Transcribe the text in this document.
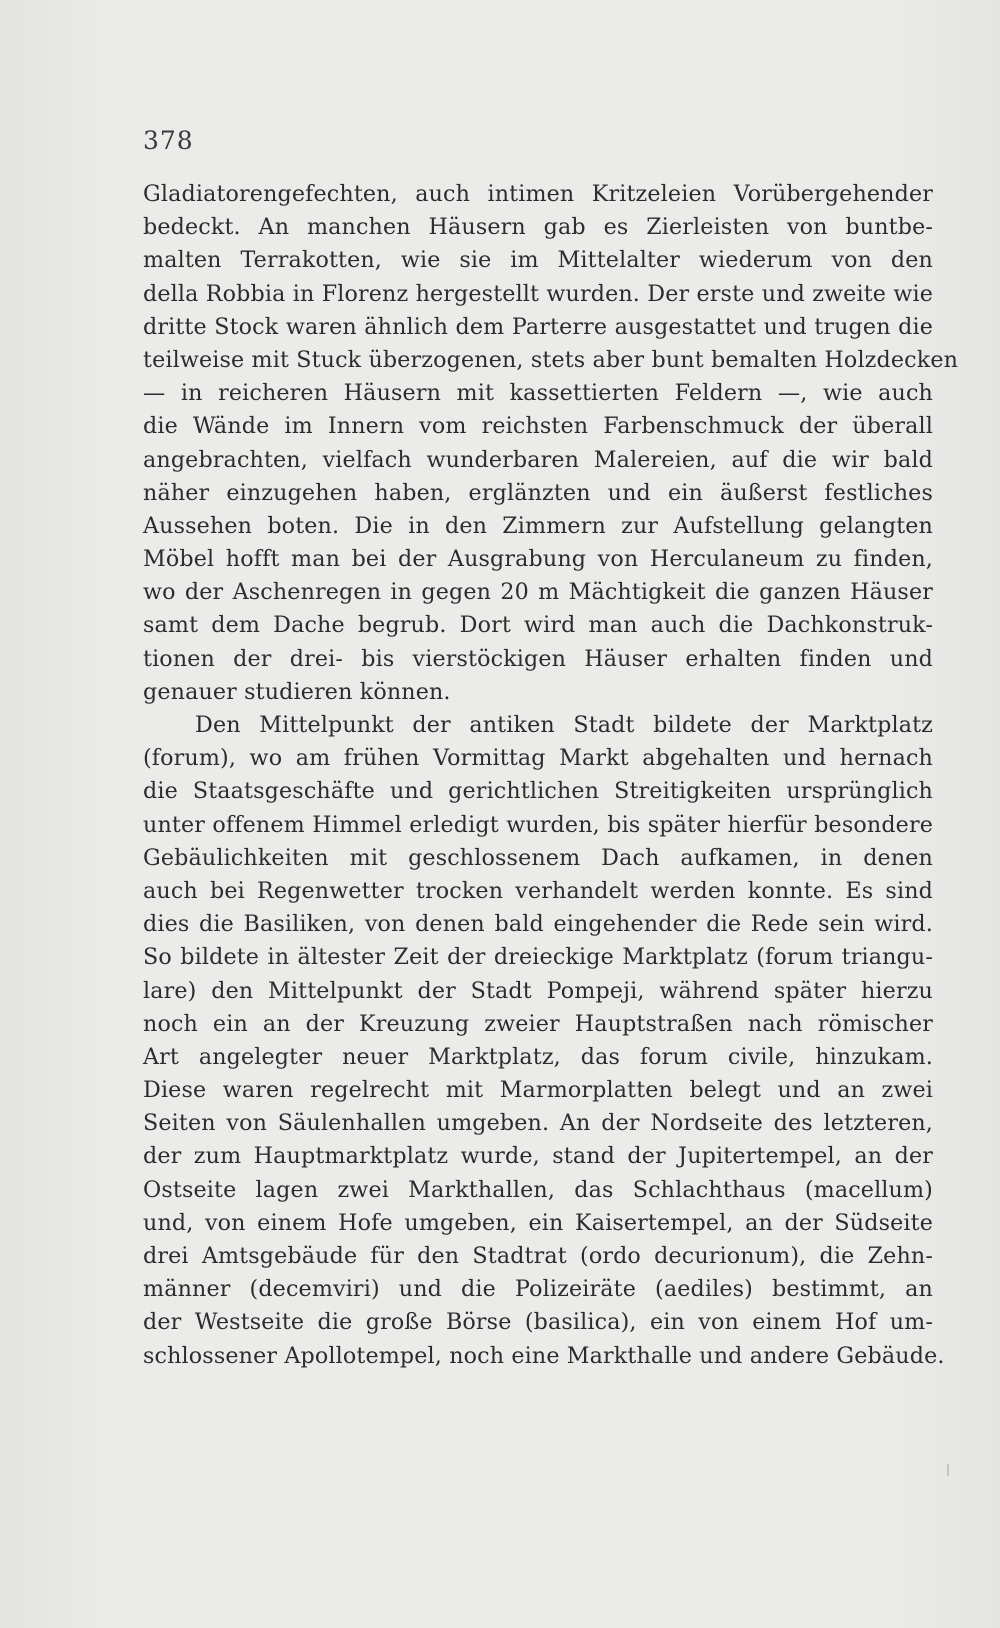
378
Gladiatorengefechten, auch intimen Kritzeleien Vorübergehender
bedeckt. An manchen Häusern gab es Zierleisten von buntbe-
malten Terrakotten, wie sie im Mittelalter wiederum von den
della Robbia in Florenz hergestellt wurden. Der erste und zweite wie
dritte Stock waren ähnlich dem Parterre ausgestattet und trugen die
teilweise mit Stuck überzogenen, stets aber bunt bemalten Holzdecken
— in reicheren Häusern mit kassettierten Feldern —, wie auch
die Wände im Innern vom reichsten Farbenschmuck der überall
angebrachten, vielfach wunderbaren Malereien, auf die wir bald
näher einzugehen haben, erglänzten und ein äußerst festliches
Aussehen boten. Die in den Zimmern zur Aufstellung gelangten
Möbel hofft man bei der Ausgrabung von Herculaneum zu finden,
wo der Aschenregen in gegen 20 m Mächtigkeit die ganzen Häuser
samt dem Dache begrub. Dort wird man auch die Dachkonstruk-
tionen der drei- bis vierstöckigen Häuser erhalten finden und
genauer studieren können.
Den Mittelpunkt der antiken Stadt bildete der Marktplatz
(forum), wo am frühen Vormittag Markt abgehalten und hernach
die Staatsgeschäfte und gerichtlichen Streitigkeiten ursprünglich
unter offenem Himmel erledigt wurden, bis später hierfür besondere
Gebäulichkeiten mit geschlossenem Dach aufkamen, in denen
auch bei Regenwetter trocken verhandelt werden konnte. Es sind
dies die Basiliken, von denen bald eingehender die Rede sein wird.
So bildete in ältester Zeit der dreieckige Marktplatz (forum triangu-
lare) den Mittelpunkt der Stadt Pompeji, während später hierzu
noch ein an der Kreuzung zweier Hauptstraßen nach römischer
Art angelegter neuer Marktplatz, das forum civile, hinzukam.
Diese waren regelrecht mit Marmorplatten belegt und an zwei
Seiten von Säulenhallen umgeben. An der Nordseite des letzteren,
der zum Hauptmarktplatz wurde, stand der Jupitertempel, an der
Ostseite lagen zwei Markthallen, das Schlachthaus (macellum)
und, von einem Hofe umgeben, ein Kaisertempel, an der Südseite
drei Amtsgebäude für den Stadtrat (ordo decurionum), die Zehn-
männer (decemviri) und die Polizeiräte (aediles) bestimmt, an
der Westseite die große Börse (basilica), ein von einem Hof um-
schlossener Apollotempel, noch eine Markthalle und andere Gebäude.
